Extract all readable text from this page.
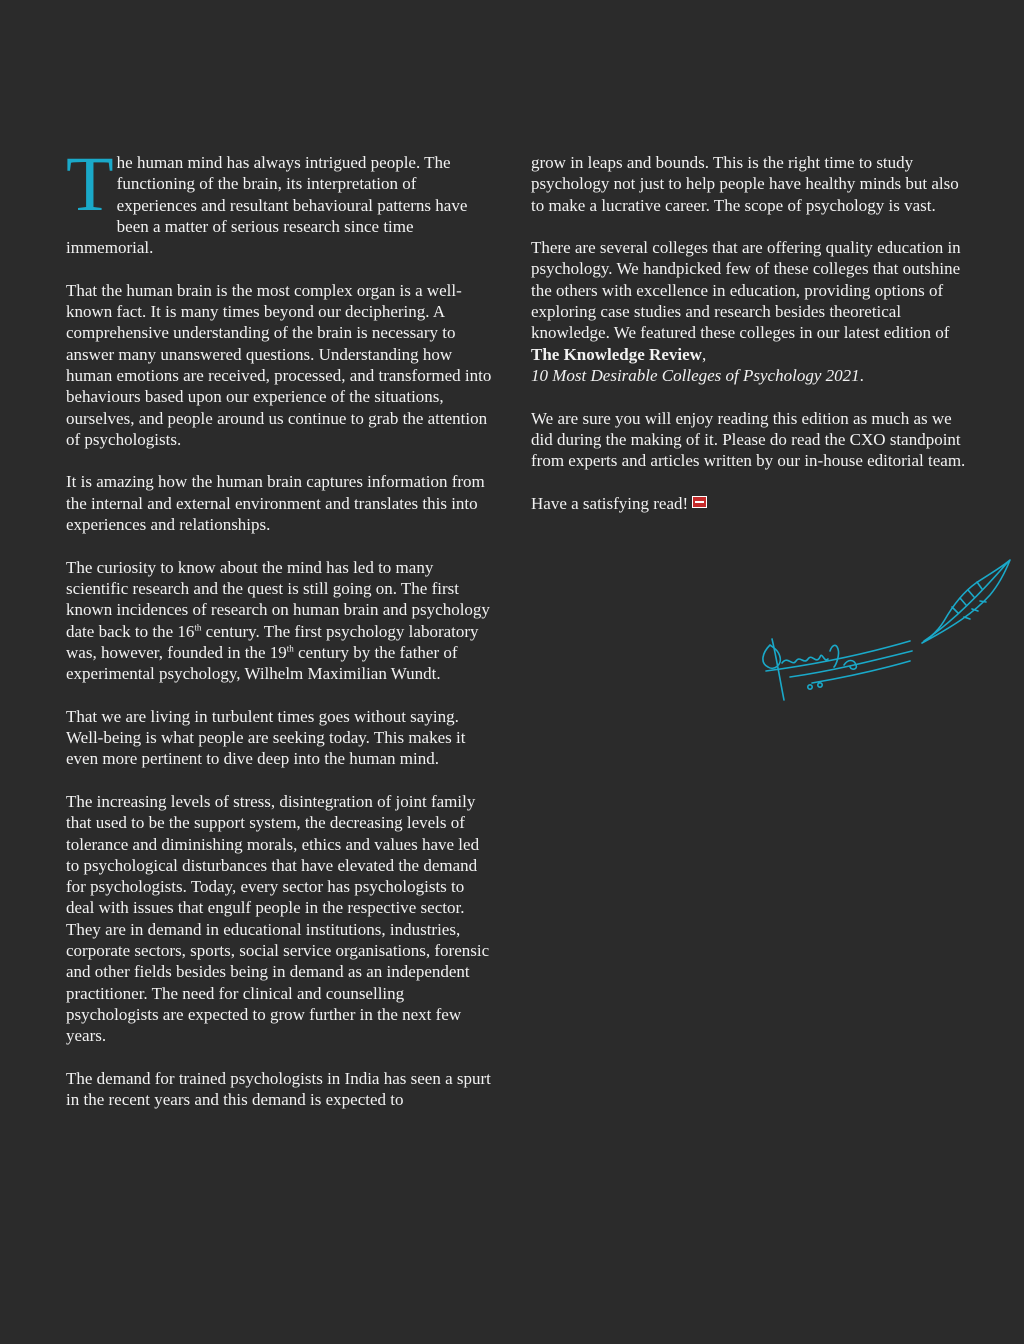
The human mind has always intrigued people. The functioning of the brain, its interpretation of experiences and resultant behavioural patterns have been a matter of serious research since time immemorial.

That the human brain is the most complex organ is a well-known fact. It is many times beyond our deciphering. A comprehensive understanding of the brain is necessary to answer many unanswered questions. Understanding how human emotions are received, processed, and transformed into behaviours based upon our experience of the situations, ourselves, and people around us continue to grab the attention of psychologists.

It is amazing how the human brain captures information from the internal and external environment and translates this into experiences and relationships.

The curiosity to know about the mind has led to many scientific research and the quest is still going on. The first known incidences of research on human brain and psychology date back to the 16th century. The first psychology laboratory was, however, founded in the 19th century by the father of experimental psychology, Wilhelm Maximilian Wundt.

That we are living in turbulent times goes without saying. Well-being is what people are seeking today. This makes it even more pertinent to dive deep into the human mind.

The increasing levels of stress, disintegration of joint family that used to be the support system, the decreasing levels of tolerance and diminishing morals, ethics and values have led to psychological disturbances that have elevated the demand for psychologists. Today, every sector has psychologists to deal with issues that engulf people in the respective sector. They are in demand in educational institutions, industries, corporate sectors, sports, social service organisations, forensic and other fields besides being in demand as an independent practitioner. The need for clinical and counselling psychologists are expected to grow further in the next few years.

The demand for trained psychologists in India has seen a spurt in the recent years and this demand is expected to

grow in leaps and bounds. This is the right time to study psychology not just to help people have healthy minds but also to make a lucrative career. The scope of psychology is vast.

There are several colleges that are offering quality education in psychology. We handpicked few of these colleges that outshine the others with excellence in education, providing options of exploring case studies and research besides theoretical knowledge. We featured these colleges in our latest edition of The Knowledge Review,
10 Most Desirable Colleges of Psychology 2021.

We are sure you will enjoy reading this edition as much as we did during the making of it. Please do read the CXO standpoint from experts and articles written by our in-house editorial team.

Have a satisfying read!
